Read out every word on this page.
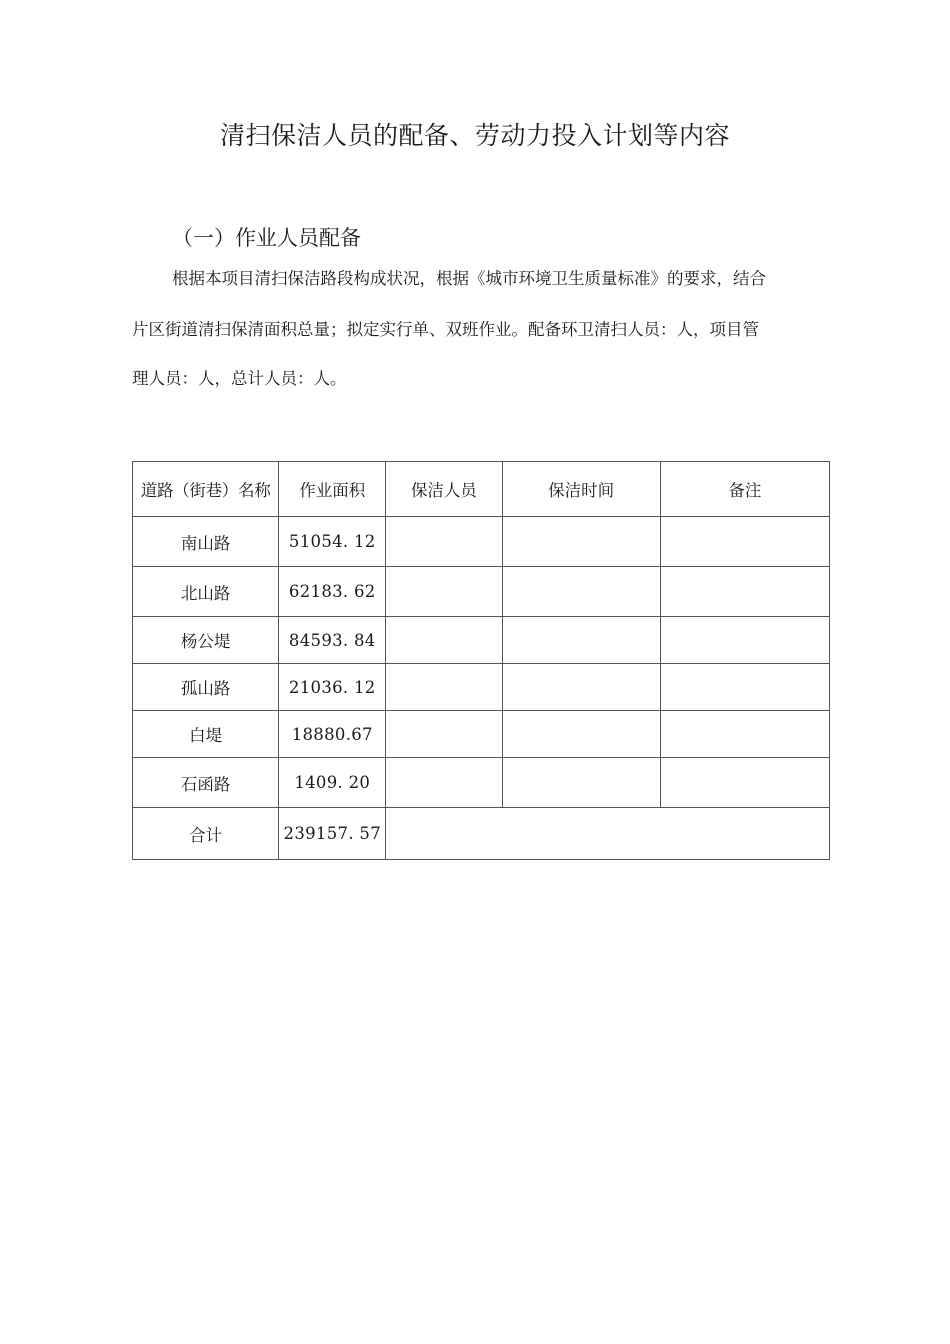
清扫保洁人员的配备、劳动力投入计划等内容
（一）作业人员配备
根据本项目清扫保洁路段构成状况，根据《城市环境卫生质量标准》的要求，结合
片区街道清扫保清面积总量；拟定实行单、双班作业。配备环卫清扫人员：人，项目管
理人员：人，总计人员：人。
道路（街巷）名称	作业面积	保洁人员	保洁时间	备注
南山路	51054. 12			
北山路	62183. 62			
杨公堤	84593. 84			
孤山路	21036. 12			
白堤	18880.67			
石函路	1409. 20			
合计	239157. 57			
